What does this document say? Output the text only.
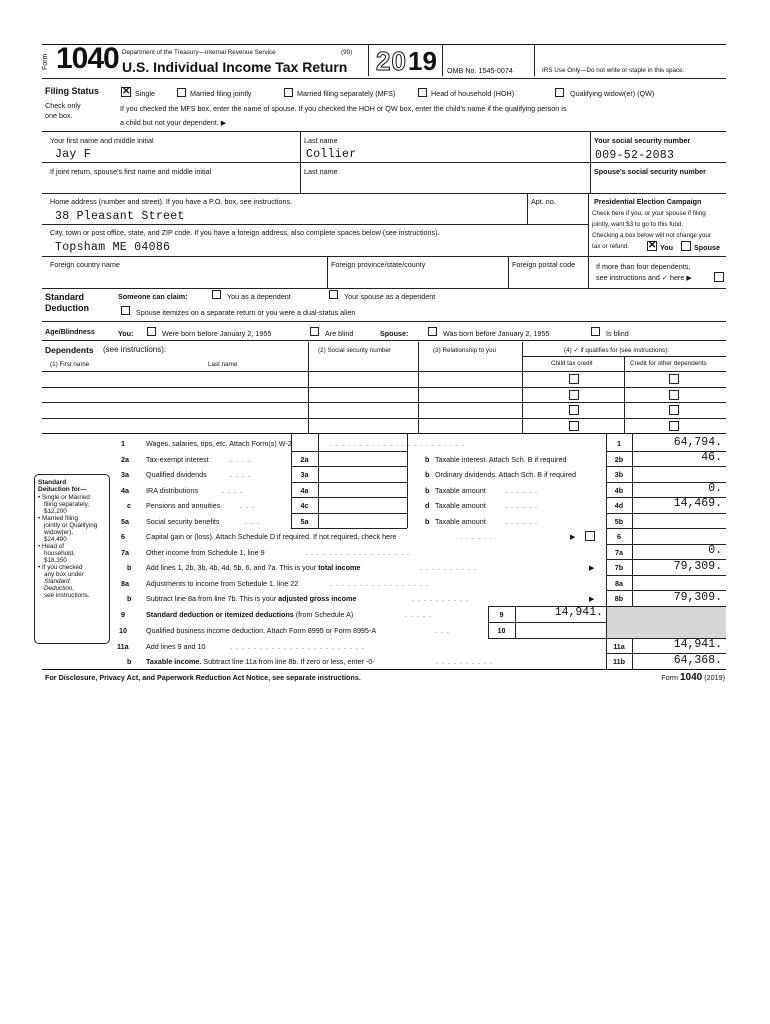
Form 1040 Department of the Treasury—Internal Revenue Service	(99)
U.S. Individual Income Tax Return 20 19 OMB No. 1545-0074	IRS Use Only—Do not write or staple in this space.
Filing Status
Check only
one box.
✕ Single	Married filing jointly	Married filing separately (MFS)	Head of household (HOH)	Qualifying widow(er) (QW)
If you checked the MFS box, enter the name of spouse. If you checked the HOH or QW box, enter the child's name if the qualifying person is
a child but not your dependent. ▶
Your first name and middle initial
Jay F
Last name
Collier
Your social security number
009-52-2083
If joint return, spouse's first name and middle initial	Last name	Spouse's social security number
Home address (number and street). If you have a P.O. box, see instructions.
38 Pleasant Street
Apt. no.
City, town or post office, state, and ZIP code. If you have a foreign address, also complete spaces below (see instructions).
Topsham ME 04086
Foreign country name	Foreign province/state/county	Foreign postal code
Presidential Election Campaign
Check here if you, or your spouse if filing
jointly, want $3 to go to this fund.
Checking a box below will not change your
tax or refund. ✕ You	Spouse
If more than four dependents,
see instructions and ✓ here ▶
Standard
Deduction
Someone can claim:	You as a dependent	Your spouse as a dependent
Spouse itemizes on a separate return or you were a dual-status alien
Age/Blindness	You:	Were born before January 2, 1955	Are blind	Spouse:	Was born before January 2, 1955	Is blind
Dependents (see instructions):
(1) First name	Last name
(2) Social security number	(3) Relationship to you	(4) ✓ if qualifies for (see instructions):
Child tax credit	Credit for other dependents
Standard
Deduction for—
• Single or Married
filing separately,
$12,200
• Married filing
jointly or Qualifying
widow(er),
$24,400
• Head of
household,
$18,350
• If you checked
any box under
Standard
Deduction,
see instructions.
1	Wages, salaries, tips, etc. Attach Form(s) W-2	.......................	1	64,794.
2a Tax-exempt interest	....	2a	b Taxable interest. Attach Sch. B if required	2b	46.
3a Qualified dividends	....	3a	b Ordinary dividends. Attach Sch. B if required	3b
4a IRA distributions	....	4a	b Taxable amount	......	4b	0.
c Pensions and annuities	...	4c	d Taxable amount	......	4d	14,469.
5a Social security benefits	...	5a	b Taxable amount	......	5b
6	Capital gain or (loss). Attach Schedule D if required. If not required, check here	......	▶	6
7a Other income from Schedule 1, line 9	..................	7a	0.
b Add lines 1, 2b, 3b, 4b, 4d, 5b, 6, and 7a. This is your total income	..........	▶	7b	79,309.
8a Adjustments to income from Schedule 1, line 22	.................	8a
b Subtract line 8a from line 7b. This is your adjusted gross income	..........	▶	8b	79,309.
9	Standard deduction or itemized deductions (from Schedule A)	.....	9	14,941.
10	Qualified business income deduction. Attach Form 8995 or Form 8995-A	...	10
11a Add lines 9 and 10	.......................	11a	14,941.
b Taxable income. Subtract line 11a from line 8b. If zero or less, enter -0-	..........	11b	64,368.
For Disclosure, Privacy Act, and Paperwork Reduction Act Notice, see separate instructions.	Form 1040 (2019)
